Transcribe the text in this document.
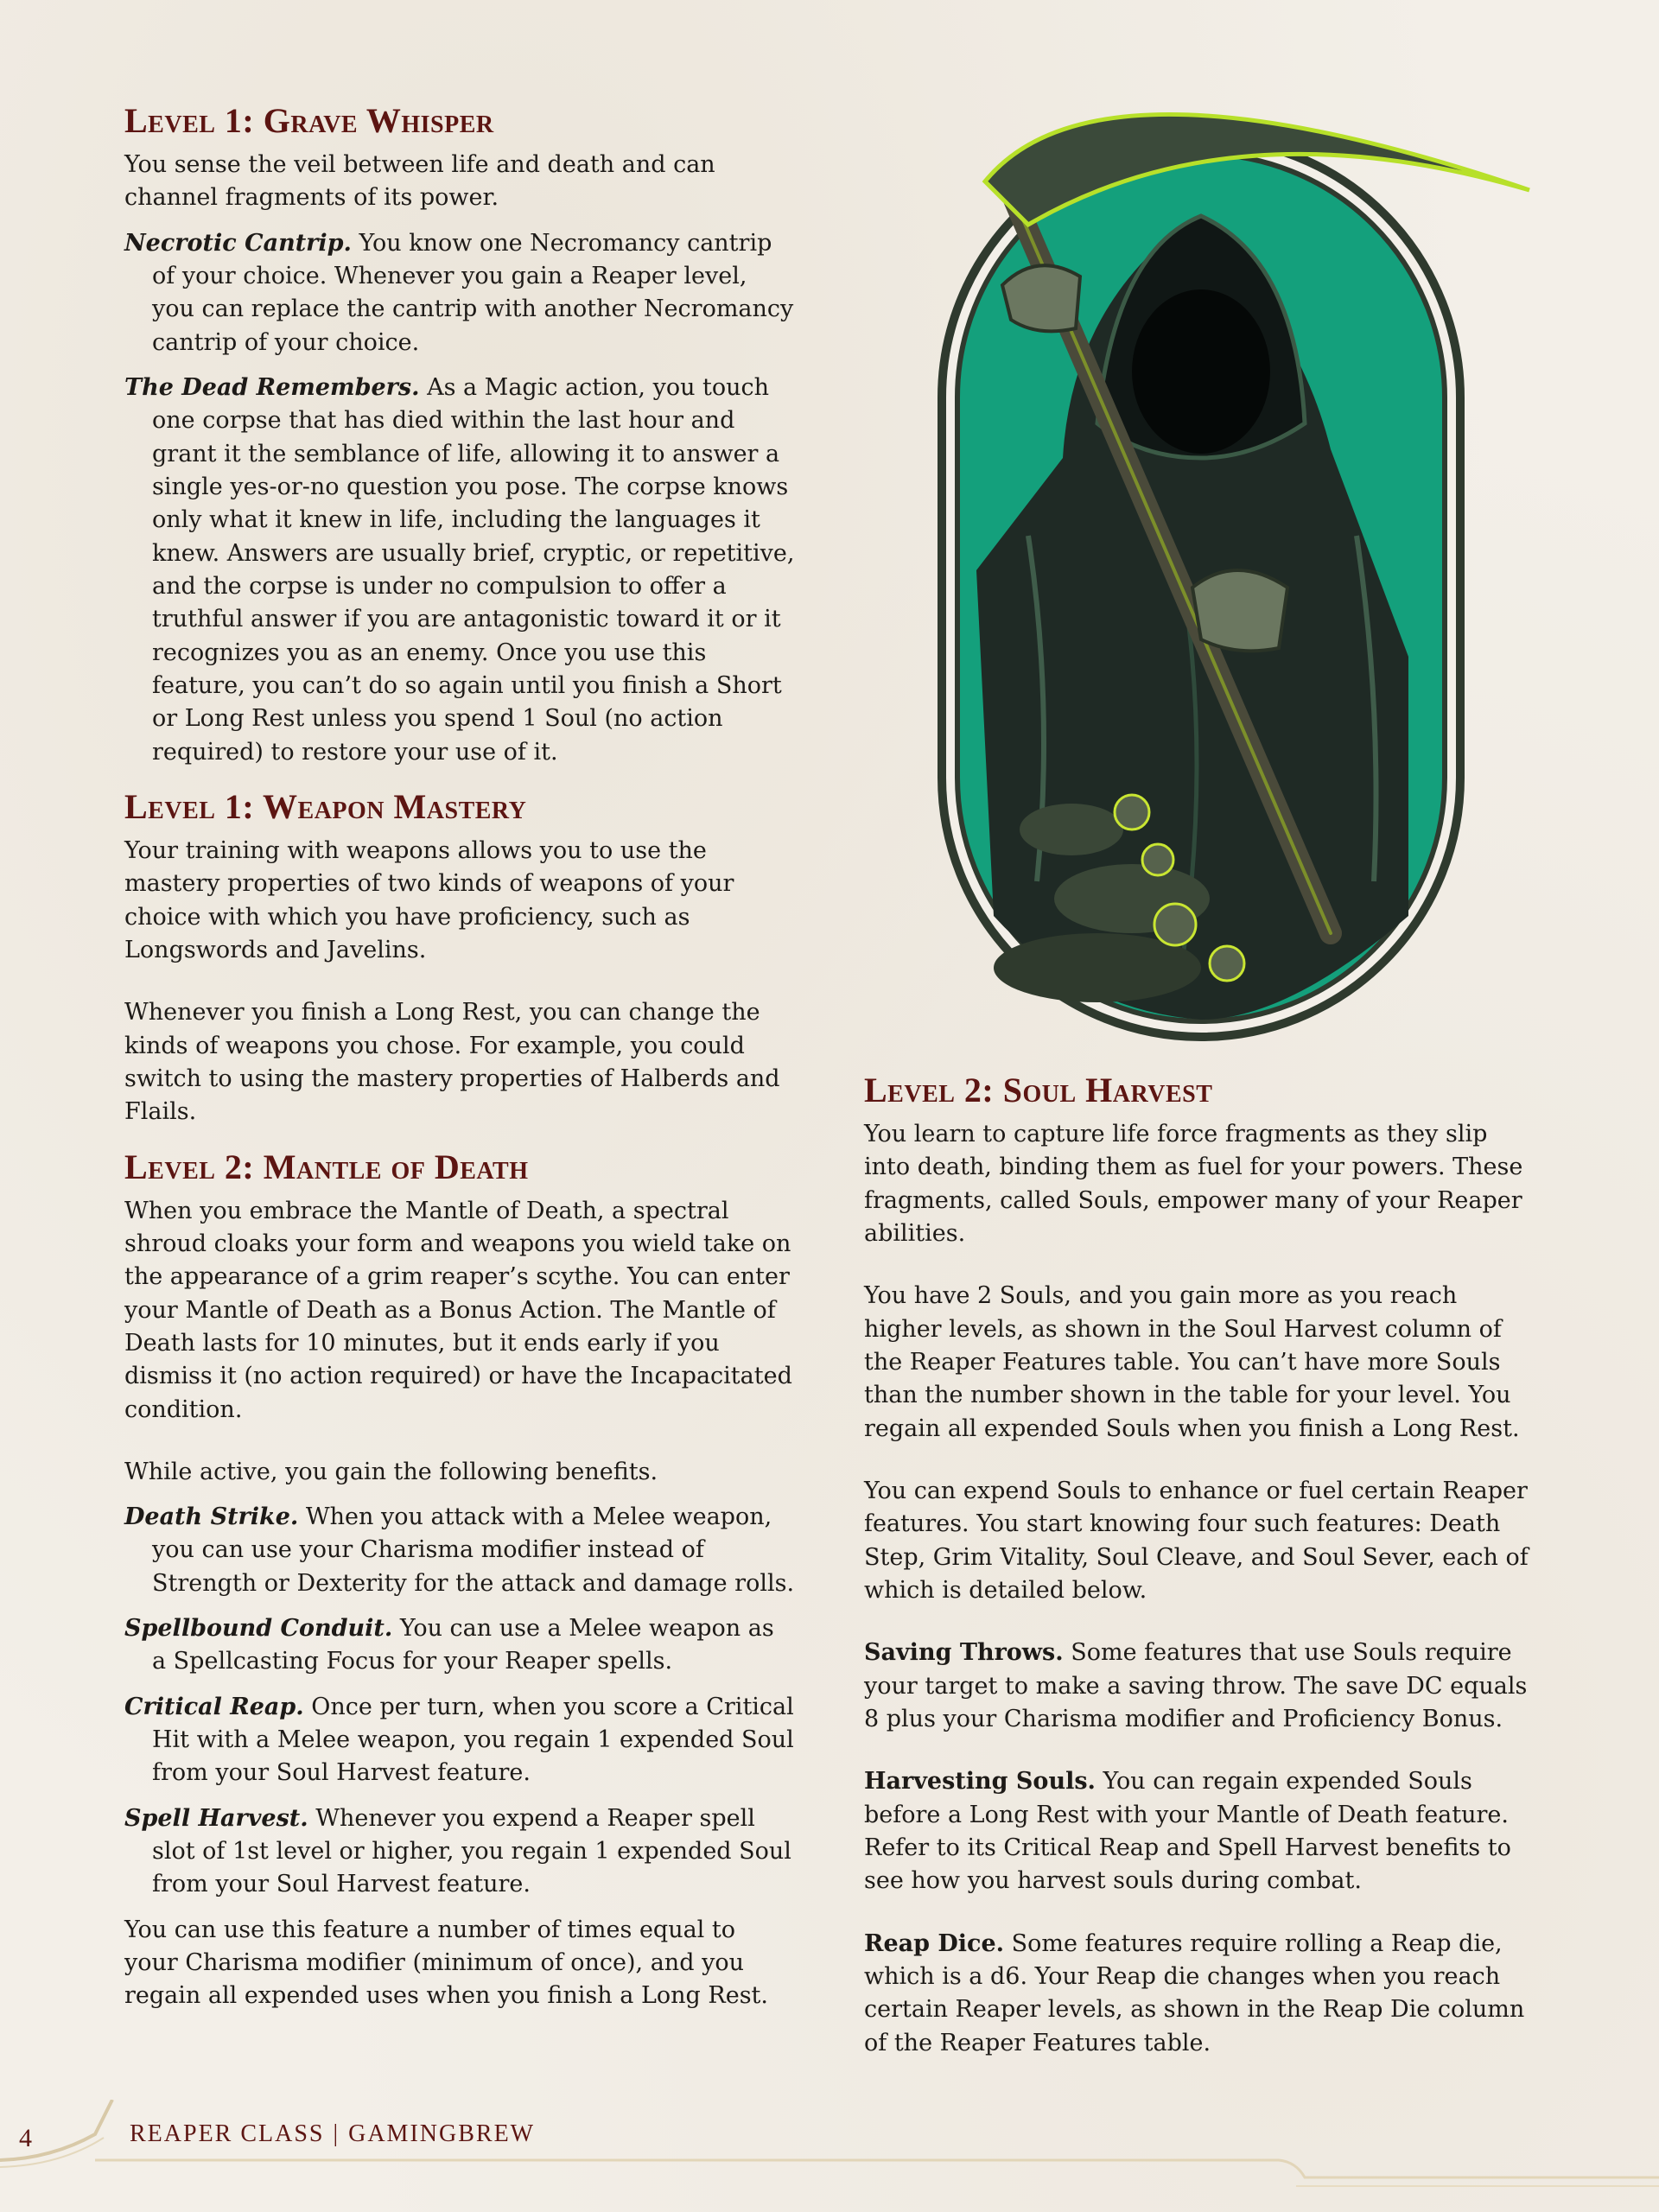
Level 1: Grave Whisper

You sense the veil between life and death and can channel fragments of its power.

Necrotic Cantrip. You know one Necromancy cantrip of your choice. Whenever you gain a Reaper level, you can replace the cantrip with another Necromancy cantrip of your choice.

The Dead Remembers. As a Magic action, you touch one corpse that has died within the last hour and grant it the semblance of life, allowing it to answer a single yes-or-no question you pose. The corpse knows only what it knew in life, including the languages it knew. Answers are usually brief, cryptic, or repetitive, and the corpse is under no compulsion to offer a truthful answer if you are antagonistic toward it or it recognizes you as an enemy. Once you use this feature, you can’t do so again until you finish a Short or Long Rest unless you spend 1 Soul (no action required) to restore your use of it.

Level 1: Weapon Mastery

Your training with weapons allows you to use the mastery properties of two kinds of weapons of your choice with which you have proficiency, such as Longswords and Javelins.

Whenever you finish a Long Rest, you can change the kinds of weapons you chose. For example, you could switch to using the mastery properties of Halberds and Flails.

Level 2: Mantle of Death

When you embrace the Mantle of Death, a spectral shroud cloaks your form and weapons you wield take on the appearance of a grim reaper’s scythe. You can enter your Mantle of Death as a Bonus Action. The Mantle of Death lasts for 10 minutes, but it ends early if you dismiss it (no action required) or have the Incapacitated condition.

While active, you gain the following benefits.

Death Strike. When you attack with a Melee weapon, you can use your Charisma modifier instead of Strength or Dexterity for the attack and damage rolls.

Spellbound Conduit. You can use a Melee weapon as a Spellcasting Focus for your Reaper spells.

Critical Reap. Once per turn, when you score a Critical Hit with a Melee weapon, you regain 1 expended Soul from your Soul Harvest feature.

Spell Harvest. Whenever you expend a Reaper spell slot of 1st level or higher, you regain 1 expended Soul from your Soul Harvest feature.

You can use this feature a number of times equal to your Charisma modifier (minimum of once), and you regain all expended uses when you finish a Long Rest.

Level 2: Soul Harvest

You learn to capture life force fragments as they slip into death, binding them as fuel for your powers. These fragments, called Souls, empower many of your Reaper abilities.

You have 2 Souls, and you gain more as you reach higher levels, as shown in the Soul Harvest column of the Reaper Features table. You can’t have more Souls than the number shown in the table for your level. You regain all expended Souls when you finish a Long Rest.

You can expend Souls to enhance or fuel certain Reaper features. You start knowing four such features: Death Step, Grim Vitality, Soul Cleave, and Soul Sever, each of which is detailed below.

Saving Throws. Some features that use Souls require your target to make a saving throw. The save DC equals 8 plus your Charisma modifier and Proficiency Bonus.

Harvesting Souls. You can regain expended Souls before a Long Rest with your Mantle of Death feature. Refer to its Critical Reap and Spell Harvest benefits to see how you harvest souls during combat.

Reap Dice. Some features require rolling a Reap die, which is a d6. Your Reap die changes when you reach certain Reaper levels, as shown in the Reap Die column of the Reaper Features table.

4	REAPER CLASS | GAMINGBREW
